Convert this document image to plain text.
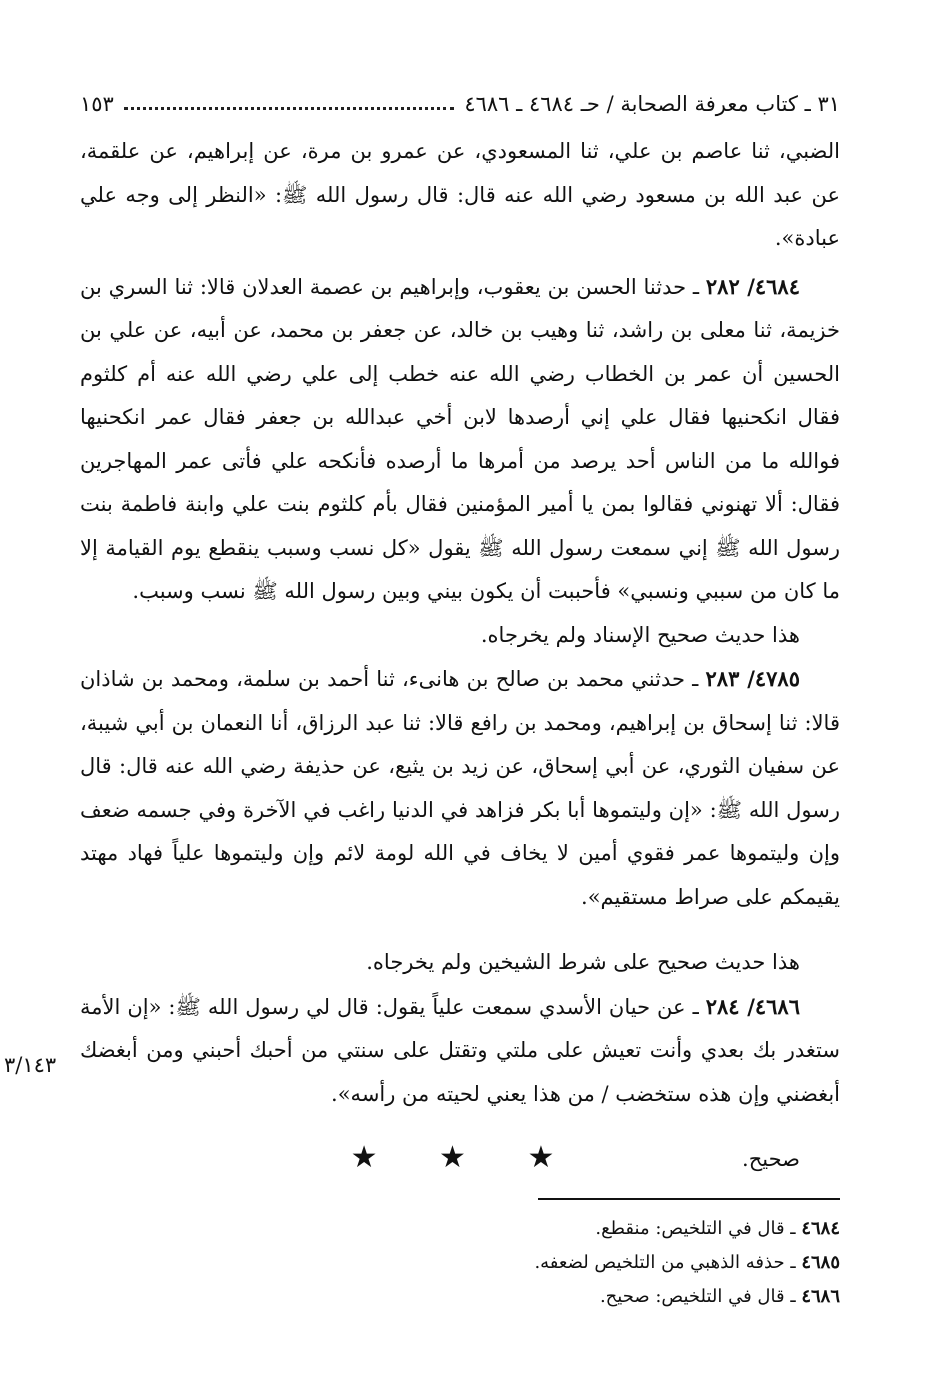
٣١ ـ كتاب معرفة الصحابة / حـ ٤٦٨٤ ـ ٤٦٨٦
١٥٣

الضبي، ثنا عاصم بن علي، ثنا المسعودي، عن عمرو بن مرة، عن إبراهيم، عن علقمة، عن عبد الله بن مسعود رضي الله عنه قال: قال رسول الله ﷺ: «النظر إلى وجه علي عبادة».

٤٦٨٤/ ٢٨٢ ـ حدثنا الحسن بن يعقوب، وإبراهيم بن عصمة العدلان قالا: ثنا السري بن خزيمة، ثنا معلى بن راشد، ثنا وهيب بن خالد، عن جعفر بن محمد، عن أبيه، عن علي بن الحسين أن عمر بن الخطاب رضي الله عنه خطب إلى علي رضي الله عنه أم كلثوم فقال انكحنيها فقال علي إني أرصدها لابن أخي عبدالله بن جعفر فقال عمر انكحنيها فوالله ما من الناس أحد يرصد من أمرها ما أرصده فأنكحه علي فأتى عمر المهاجرين فقال: ألا تهنوني فقالوا بمن يا أمير المؤمنين فقال بأم كلثوم بنت علي وابنة فاطمة بنت رسول الله ﷺ إني سمعت رسول الله ﷺ يقول «كل نسب وسبب ينقطع يوم القيامة إلا ما كان من سببي ونسبي» فأحببت أن يكون بيني وبين رسول الله ﷺ نسب وسبب.

هذا حديث صحيح الإسناد ولم يخرجاه.

٤٧٨٥/ ٢٨٣ ـ حدثني محمد بن صالح بن هانىء، ثنا أحمد بن سلمة، ومحمد بن شاذان قالا: ثنا إسحاق بن إبراهيم، ومحمد بن رافع قالا: ثنا عبد الرزاق، أنا النعمان بن أبي شيبة، عن سفيان الثوري، عن أبي إسحاق، عن زيد بن يثيع، عن حذيفة رضي الله عنه قال: قال رسول الله ﷺ: «إن وليتموها أبا بكر فزاهد في الدنيا راغب في الآخرة وفي جسمه ضعف وإن وليتموها عمر فقوي أمين لا يخاف في الله لومة لائم وإن وليتموها علياً فهاد مهتد يقيمكم على صراط مستقيم».

هذا حديث صحيح على شرط الشيخين ولم يخرجاه.

٤٦٨٦/ ٢٨٤ ـ عن حيان الأسدي سمعت علياً يقول: قال لي رسول الله ﷺ: «إن الأمة ستغدر بك بعدي وأنت تعيش على ملتي وتقتل على سنتي من أحبك أحبني ومن أبغضك أبغضني وإن هذه ستخضب / من هذا يعني لحيته من رأسه».

صحيح.

٣/١٤٣
★ ★ ★

٤٦٨٤ ـ قال في التلخيص: منقطع.

٤٦٨٥ ـ حذفه الذهبي من التلخيص لضعفه.

٤٦٨٦ ـ قال في التلخيص: صحيح.
